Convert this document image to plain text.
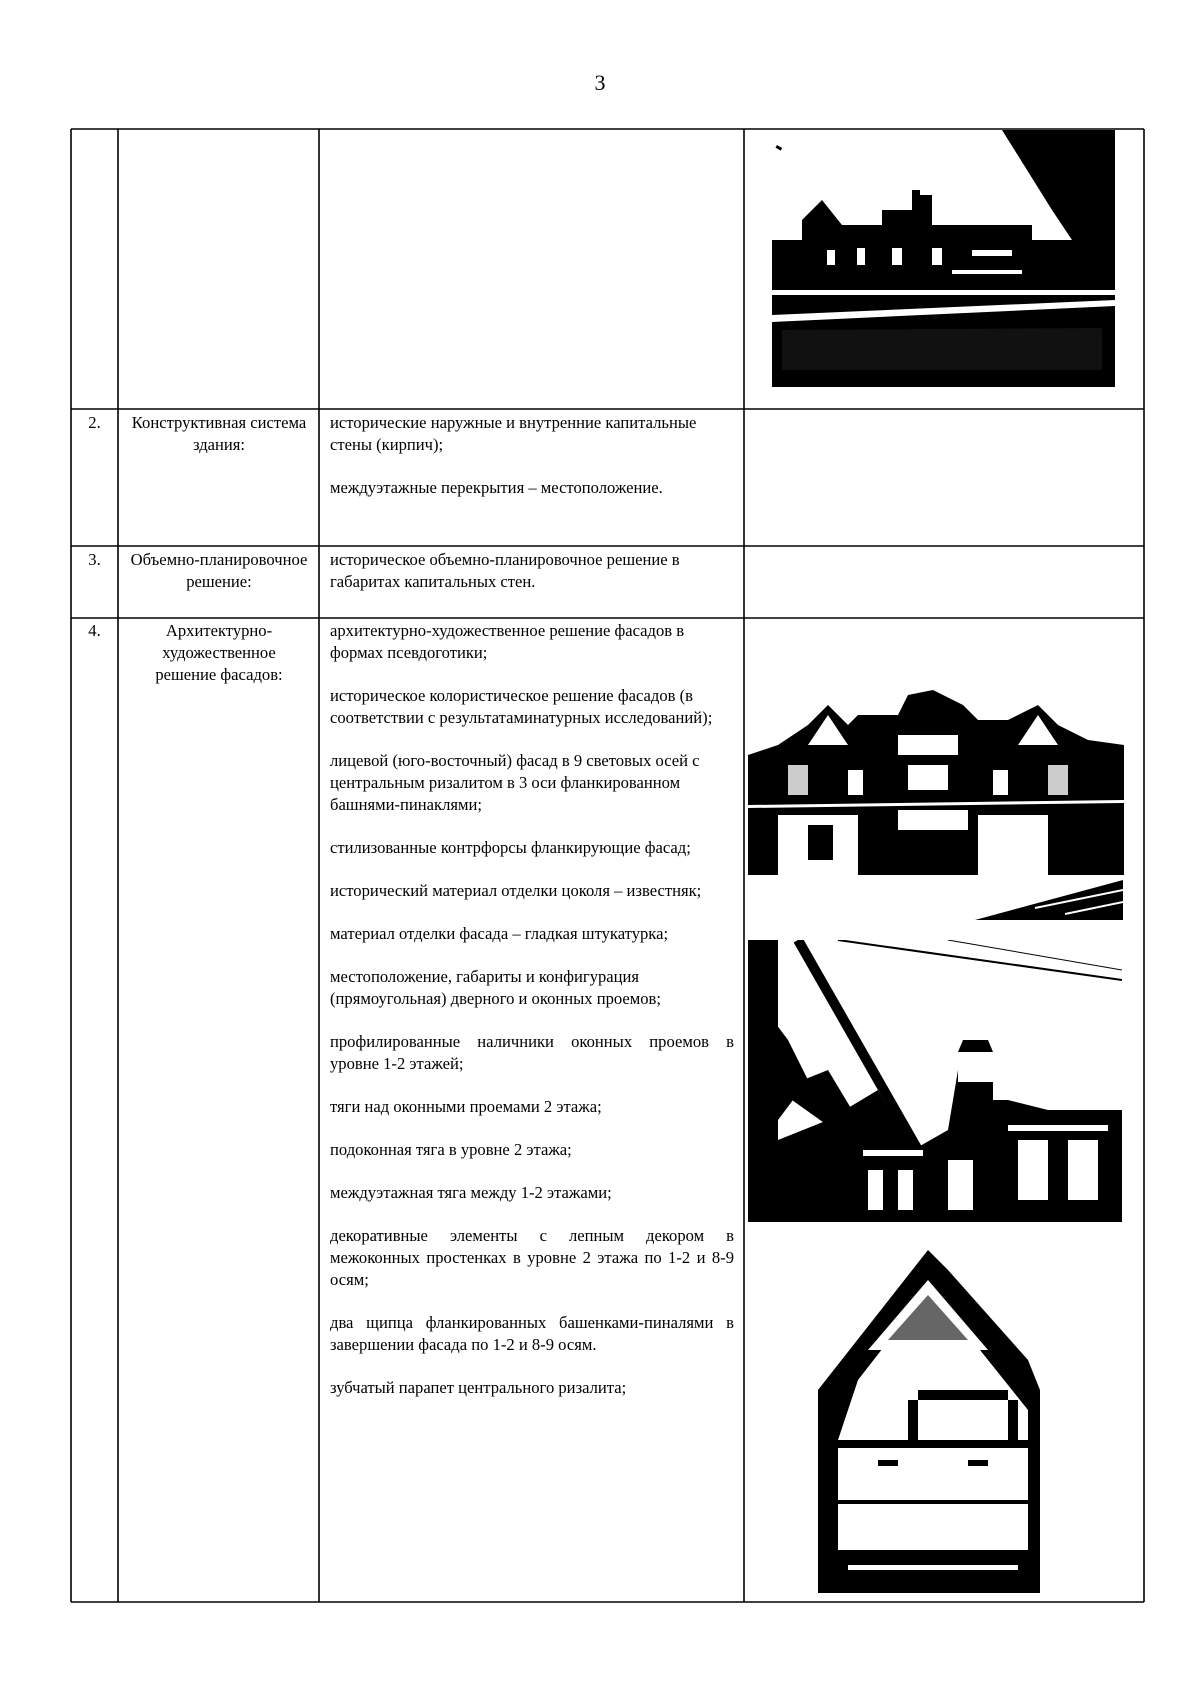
3
2.	Конструктивная система здания:

исторические наружные и внутренние капитальные стены (кирпич);

междуэтажные перекрытия – местоположение.

3.	Объемно-планировочное решение:

историческое объемно-планировочное решение в габаритах капитальных стен.

4.	Архитектурно-художественное решение фасадов:

архитектурно-художественное решение фасадов в формах псевдоготики;

историческое колористическое решение фасадов (в соответствии с результатаминатурных исследований);

лицевой (юго-восточный) фасад в 9 световых осей с центральным ризалитом в 3 оси фланкированном башнями-пинаклями;

стилизованные контрфорсы фланкирующие фасад;

исторический материал отделки цоколя – известняк;

материал отделки фасада – гладкая штукатурка;

местоположение, габариты и конфигурация (прямоугольная) дверного и оконных проемов;

профилированные наличники оконных проемов в уровне 1-2 этажей;

тяги над оконными проемами 2 этажа;

подоконная тяга в уровне 2 этажа;

междуэтажная тяга между 1-2 этажами;

декоративные элементы с лепным декором в межоконных простенках в уровне 2 этажа по 1-2 и 8-9 осям;

два щипца фланкированных башенками-пиналями в завершении фасада по 1-2 и 8-9 осям.

зубчатый парапет центрального ризалита;
